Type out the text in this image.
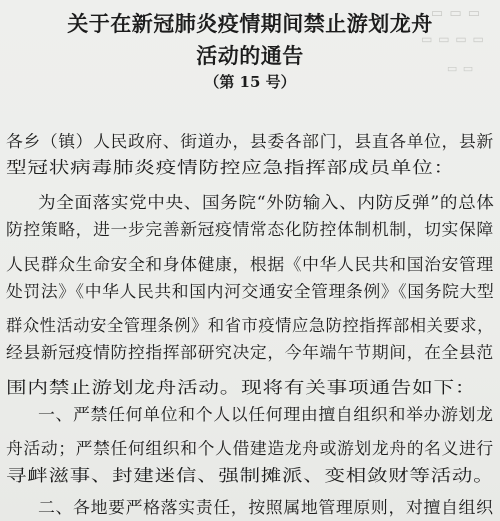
▭ ▭ ▭
▭ ▭ ▭ ▭
▭ ▭
关于在新冠肺炎疫情期间禁止游划龙舟
活动的通告
（第 15 号）
各乡（镇）人民政府、街道办，县委各部门，县直各单位，县新
型冠状病毒肺炎疫情防控应急指挥部成员单位：
为全面落实党中央、国务院“外防输入、内防反弹”的总体
防控策略，进一步完善新冠疫情常态化防控体制机制，切实保障
人民群众生命安全和身体健康，根据《中华人民共和国治安管理
处罚法》《中华人民共和国内河交通安全管理条例》《国务院大型
群众性活动安全管理条例》和省市疫情应急防控指挥部相关要求，
经县新冠疫情防控指挥部研究决定，今年端午节期间，在全县范
围内禁止游划龙舟活动。现将有关事项通告如下：
一、严禁任何单位和个人以任何理由擅自组织和举办游划龙
舟活动；严禁任何组织和个人借建造龙舟或游划龙舟的名义进行
寻衅滋事、封建迷信、强制摊派、变相敛财等活动。
二、各地要严格落实责任，按照属地管理原则，对擅自组织
